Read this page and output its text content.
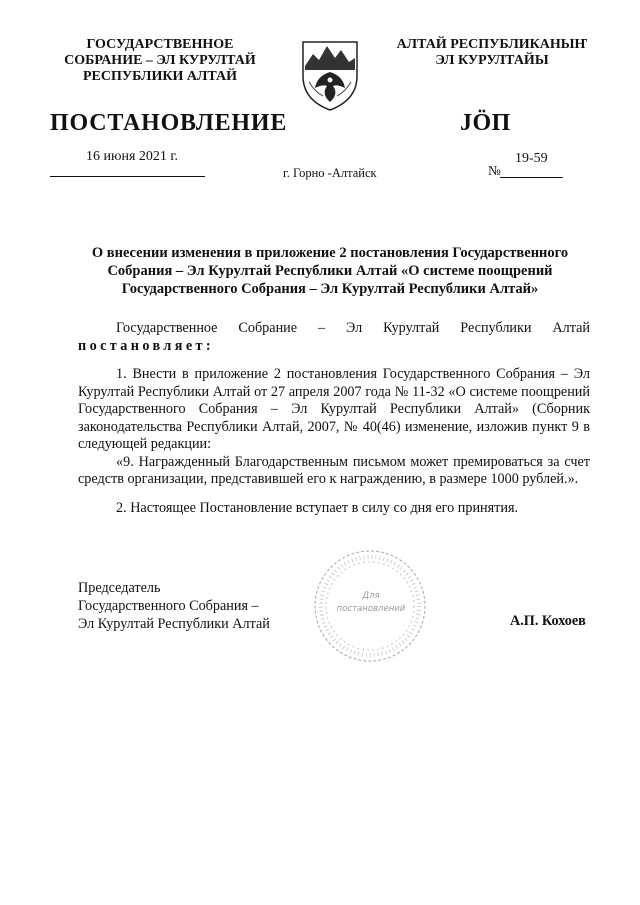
ГОСУДАРСТВЕННОЕ
СОБРАНИЕ – ЭЛ КУРУЛТАЙ
РЕСПУБЛИКИ АЛТАЙ
АЛТАЙ РЕСПУБЛИКАНЫҤ
ЭЛ КУРУЛТАЙЫ
ПОСТАНОВЛЕНИЕ	JÖП
16 июня 2021 г.
г. Горно -Алтайск	№
19-59
О внесении изменения в приложение 2 постановления Государственного Собрания – Эл Курултай Республики Алтай «О системе поощрений Государственного Собрания – Эл Курултай Республики Алтай»

Государственное Собрание – Эл Курултай Республики Алтай

постановляет:

1. Внести в приложение 2 постановления Государственного Собрания – Эл Курултай Республики Алтай от 27 апреля 2007 года № 11-32 «О системе поощрений Государственного Собрания – Эл Курултай Республики Алтай» (Сборник законодательства Республики Алтай, 2007, № 40(46) изменение, изложив пункт 9 в следующей редакции:

«9. Награжденный Благодарственным письмом может премироваться за счет средств организации, представившей его к награждению, в размере 1000 рублей.».

2. Настоящее Постановление вступает в силу со дня его принятия.

Председатель

Государственного Собрания –

Эл Курултай Республики Алтай

Для
постановлений
А.П. Кохоев
